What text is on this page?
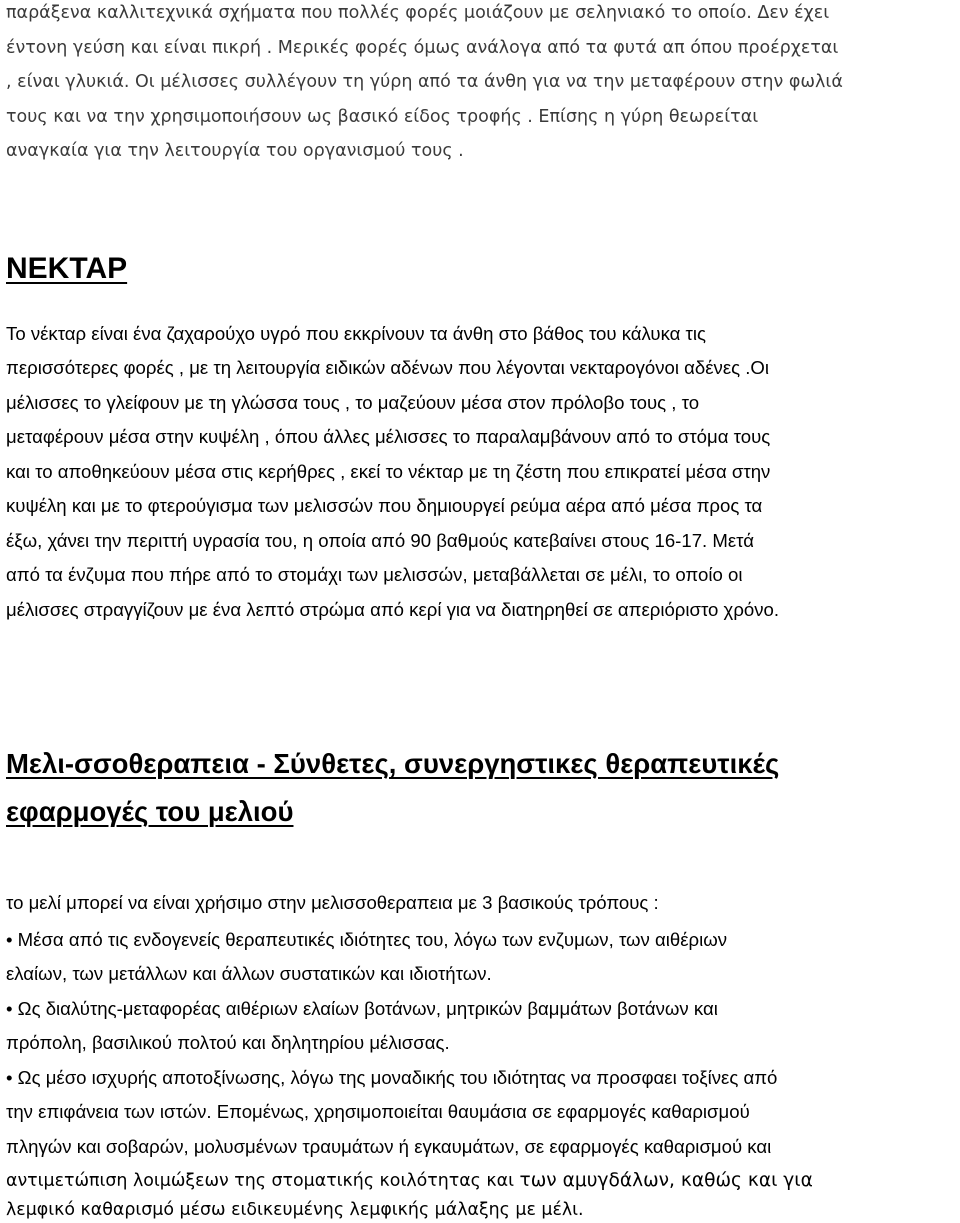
παράξενα καλλιτεχνικά σχήματα που πολλές φορές μοιάζουν με σεληνιακό το οποίο. Δεν έχει
έντονη γεύση και είναι πικρή . Μερικές φορές όμως ανάλογα από τα φυτά απ όπου προέρχεται
, είναι γλυκιά. Οι μέλισσες συλλέγουν τη γύρη από τα άνθη για να την μεταφέρουν στην φωλιά
τους και να την χρησιμοποιήσουν ως βασικό είδος τροφής . Επίσης η γύρη θεωρείται
αναγκαία για την λειτουργία του οργανισμού τους .
ΝΕΚΤΑΡ
Το νέκταρ είναι ένα ζαχαρούχο υγρό που εκκρίνουν τα άνθη στο βάθος του κάλυκα τις
περισσότερες φορές , με τη λειτουργία ειδικών αδένων που λέγονται νεκταρογόνοι αδένες .Οι
μέλισσες το γλείφουν με τη γλώσσα τους , το μαζεύουν μέσα στον πρόλοβο τους , το
μεταφέρουν μέσα στην κυψέλη , όπου άλλες μέλισσες το παραλαμβάνουν από το στόμα τους
και το αποθηκεύουν μέσα στις κερήθρες , εκεί το νέκταρ με τη ζέστη που επικρατεί μέσα στην
κυψέλη και με το φτερούγισμα των μελισσών που δημιουργεί ρεύμα αέρα από μέσα προς τα
έξω, χάνει την περιττή υγρασία του, η οποία από 90 βαθμούς κατεβαίνει στους 16-17. Μετά
από τα ένζυμα που πήρε από το στομάχι των μελισσών, μεταβάλλεται σε μέλι, το οποίο οι
μέλισσες στραγγίζουν με ένα λεπτό στρώμα από κερί για να διατηρηθεί σε απεριόριστο χρόνο.
Μελι-σσοθεραπεια - Σύνθετες, συνεργηστικες θεραπευτικές
εφαρμογές του μελιού
το μελί μπορεί να είναι χρήσιμο στην μελισσοθεραπεια με 3 βασικούς τρόπους :
• Μέσα από τις ενδογενείς θεραπευτικές ιδιότητες του, λόγω των ενζυμων, των αιθέριων
ελαίων, των μετάλλων και άλλων συστατικών και ιδιοτήτων.
• Ως διαλύτης-μεταφορέας αιθέριων ελαίων βοτάνων, μητρικών βαμμάτων βοτάνων και
πρόπολη, βασιλικού πολτού και δηλητηρίου μέλισσας.
• Ως μέσο ισχυρής αποτοξίνωσης, λόγω της μοναδικής του ιδιότητας να προσφαει τοξίνες από
την επιφάνεια των ιστών. Επομένως, χρησιμοποιείται θαυμάσια σε εφαρμογές καθαρισμού
πληγών και σοβαρών, μολυσμένων τραυμάτων ή εγκαυμάτων, σε εφαρμογές καθαρισμού και
αντιμετώπιση λοιμώξεων της στοματικής κοιλότητας και των αμυγδάλων, καθώς και για
λεμφικό καθαρισμό μέσω ειδικευμένης λεμφικής μάλαξης με μέλι.
